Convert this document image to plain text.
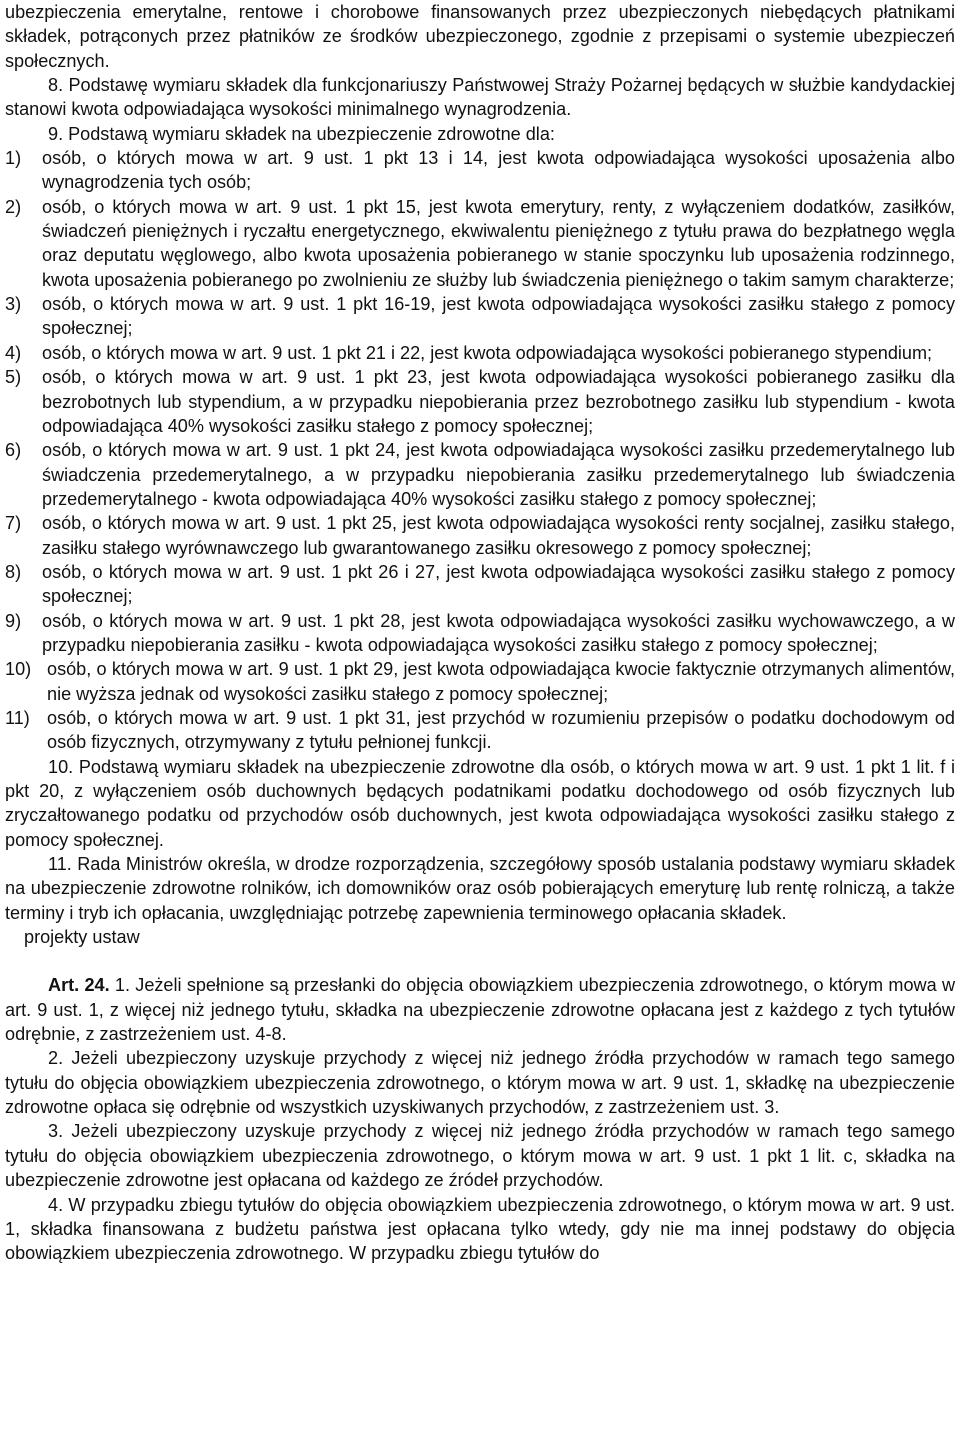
ubezpieczenia emerytalne, rentowe i chorobowe finansowanych przez ubezpieczonych niebędących płatnikami składek, potrąconych przez płatników ze środków ubezpieczonego, zgodnie z przepisami o systemie ubezpieczeń społecznych.

8. Podstawę wymiaru składek dla funkcjonariuszy Państwowej Straży Pożarnej będących w służbie kandydackiej stanowi kwota odpowiadająca wysokości minimalnego wynagrodzenia.

9. Podstawą wymiaru składek na ubezpieczenie zdrowotne dla:

1)	osób, o których mowa w art. 9 ust. 1 pkt 13 i 14, jest kwota odpowiadająca wysokości uposażenia albo wynagrodzenia tych osób;
2)	osób, o których mowa w art. 9 ust. 1 pkt 15, jest kwota emerytury, renty, z wyłączeniem dodatków, zasiłków, świadczeń pieniężnych i ryczałtu energetycznego, ekwiwalentu pieniężnego z tytułu prawa do bezpłatnego węgla oraz deputatu węglowego, albo kwota uposażenia pobieranego w stanie spoczynku lub uposażenia rodzinnego, kwota uposażenia pobieranego po zwolnieniu ze służby lub świadczenia pieniężnego o takim samym charakterze;
3)	osób, o których mowa w art. 9 ust. 1 pkt 16-19, jest kwota odpowiadająca wysokości zasiłku stałego z pomocy społecznej;
4)	osób, o których mowa w art. 9 ust. 1 pkt 21 i 22, jest kwota odpowiadająca wysokości pobieranego stypendium;
5)	osób, o których mowa w art. 9 ust. 1 pkt 23, jest kwota odpowiadająca wysokości pobieranego zasiłku dla bezrobotnych lub stypendium, a w przypadku niepobierania przez bezrobotnego zasiłku lub stypendium - kwota odpowiadająca 40% wysokości zasiłku stałego z pomocy społecznej;
6)	osób, o których mowa w art. 9 ust. 1 pkt 24, jest kwota odpowiadająca wysokości zasiłku przedemerytalnego lub świadczenia przedemerytalnego, a w przypadku niepobierania zasiłku przedemerytalnego lub świadczenia przedemerytalnego - kwota odpowiadająca 40% wysokości zasiłku stałego z pomocy społecznej;
7)	osób, o których mowa w art. 9 ust. 1 pkt 25, jest kwota odpowiadająca wysokości renty socjalnej, zasiłku stałego, zasiłku stałego wyrównawczego lub gwarantowanego zasiłku okresowego z pomocy społecznej;
8)	osób, o których mowa w art. 9 ust. 1 pkt 26 i 27, jest kwota odpowiadająca wysokości zasiłku stałego z pomocy społecznej;
9)	osób, o których mowa w art. 9 ust. 1 pkt 28, jest kwota odpowiadająca wysokości zasiłku wychowawczego, a w przypadku niepobierania zasiłku - kwota odpowiadająca wysokości zasiłku stałego z pomocy społecznej;
10) osób, o których mowa w art. 9 ust. 1 pkt 29, jest kwota odpowiadająca kwocie faktycznie otrzymanych alimentów, nie wyższa jednak od wysokości zasiłku stałego z pomocy społecznej;
11) osób, o których mowa w art. 9 ust. 1 pkt 31, jest przychód w rozumieniu przepisów o podatku dochodowym od osób fizycznych, otrzymywany z tytułu pełnionej funkcji.

10. Podstawą wymiaru składek na ubezpieczenie zdrowotne dla osób, o których mowa w art. 9 ust. 1 pkt 1 lit. f i pkt 20, z wyłączeniem osób duchownych będących podatnikami podatku dochodowego od osób fizycznych lub zryczałtowanego podatku od przychodów osób duchownych, jest kwota odpowiadająca wysokości zasiłku stałego z pomocy społecznej.

11. Rada Ministrów określa, w drodze rozporządzenia, szczegółowy sposób ustalania podstawy wymiaru składek na ubezpieczenie zdrowotne rolników, ich domowników oraz osób pobierających emeryturę lub rentę rolniczą, a także terminy i tryb ich opłacania, uwzględniając potrzebę zapewnienia terminowego opłacania składek.

projekty ustaw

Art. 24. 1. Jeżeli spełnione są przesłanki do objęcia obowiązkiem ubezpieczenia zdrowotnego, o którym mowa w art. 9 ust. 1, z więcej niż jednego tytułu, składka na ubezpieczenie zdrowotne opłacana jest z każdego z tych tytułów odrębnie, z zastrzeżeniem ust. 4-8.

2. Jeżeli ubezpieczony uzyskuje przychody z więcej niż jednego źródła przychodów w ramach tego samego tytułu do objęcia obowiązkiem ubezpieczenia zdrowotnego, o którym mowa w art. 9 ust. 1, składkę na ubezpieczenie zdrowotne opłaca się odrębnie od wszystkich uzyskiwanych przychodów, z zastrzeżeniem ust. 3.

3. Jeżeli ubezpieczony uzyskuje przychody z więcej niż jednego źródła przychodów w ramach tego samego tytułu do objęcia obowiązkiem ubezpieczenia zdrowotnego, o którym mowa w art. 9 ust. 1 pkt 1 lit. c, składka na ubezpieczenie zdrowotne jest opłacana od każdego ze źródeł przychodów.

4. W przypadku zbiegu tytułów do objęcia obowiązkiem ubezpieczenia zdrowotnego, o którym mowa w art. 9 ust. 1, składka finansowana z budżetu państwa jest opłacana tylko wtedy, gdy nie ma innej podstawy do objęcia obowiązkiem ubezpieczenia zdrowotnego. W przypadku zbiegu tytułów do
